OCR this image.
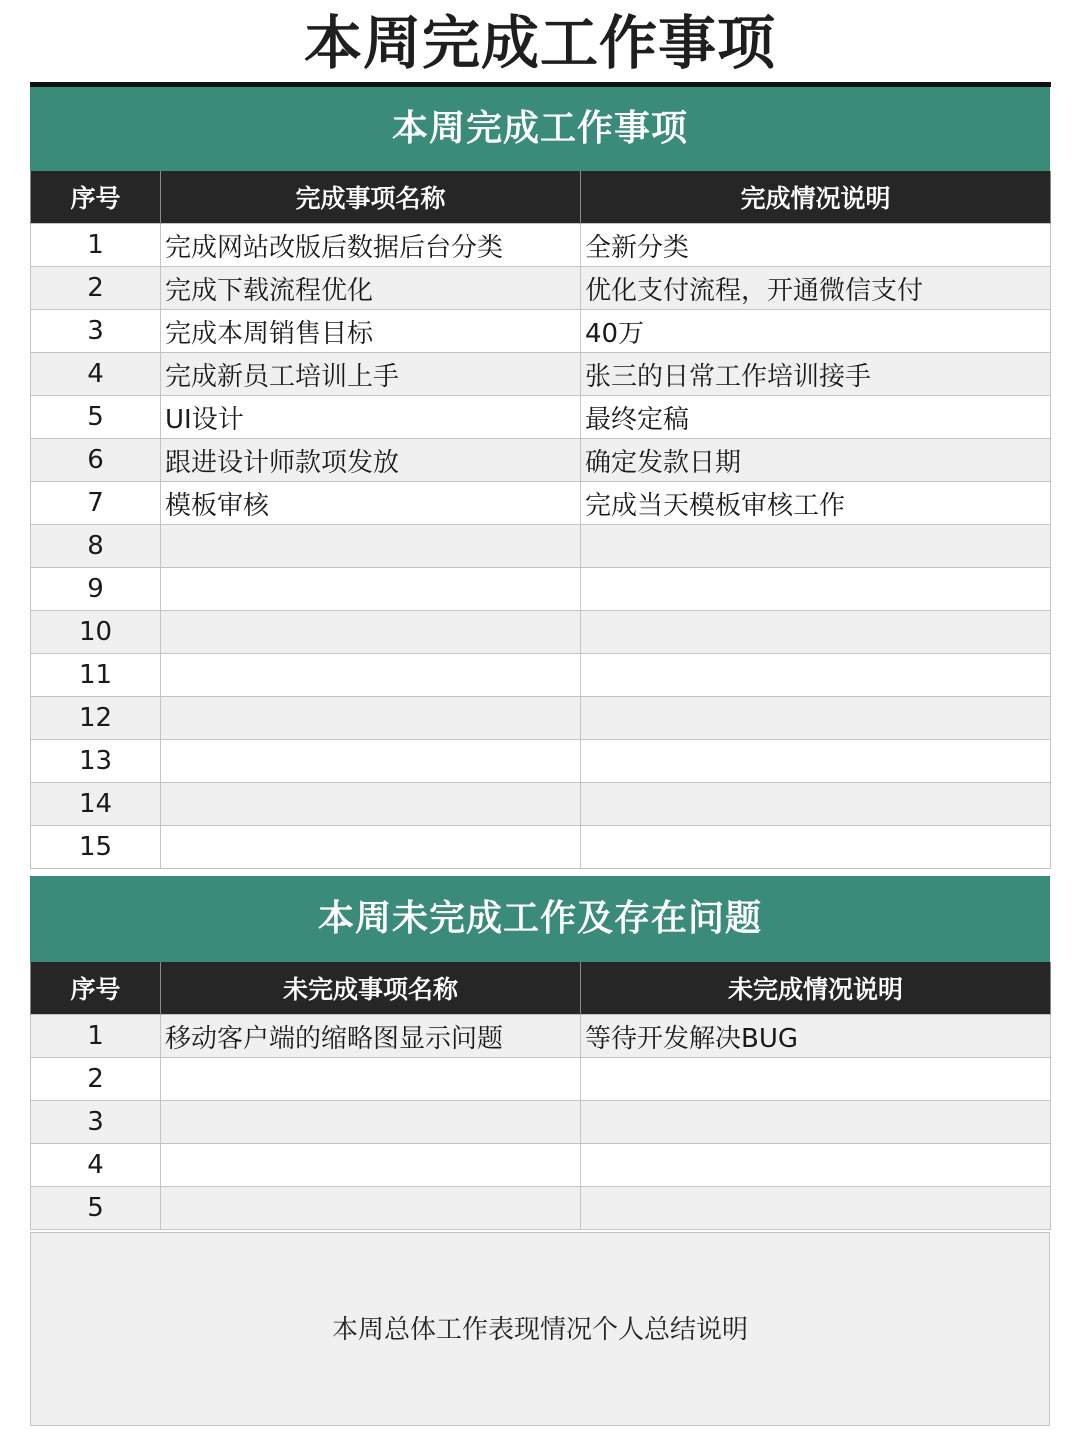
本周完成工作事项
本周完成工作事项
序号	完成事项名称	完成情况说明
1	完成网站改版后数据后台分类	全新分类
2	完成下载流程优化	优化支付流程，开通微信支付
3	完成本周销售目标	40万
4	完成新员工培训上手	张三的日常工作培训接手
5	UI设计	最终定稿
6	跟进设计师款项发放	确定发款日期
7	模板审核	完成当天模板审核工作
8		
9		
10		
11		
12		
13		
14		
15		
本周未完成工作及存在问题
序号	未完成事项名称	未完成情况说明
1	移动客户端的缩略图显示问题	等待开发解决BUG
2		
3		
4		
5		
本周总体工作表现情况个人总结说明
